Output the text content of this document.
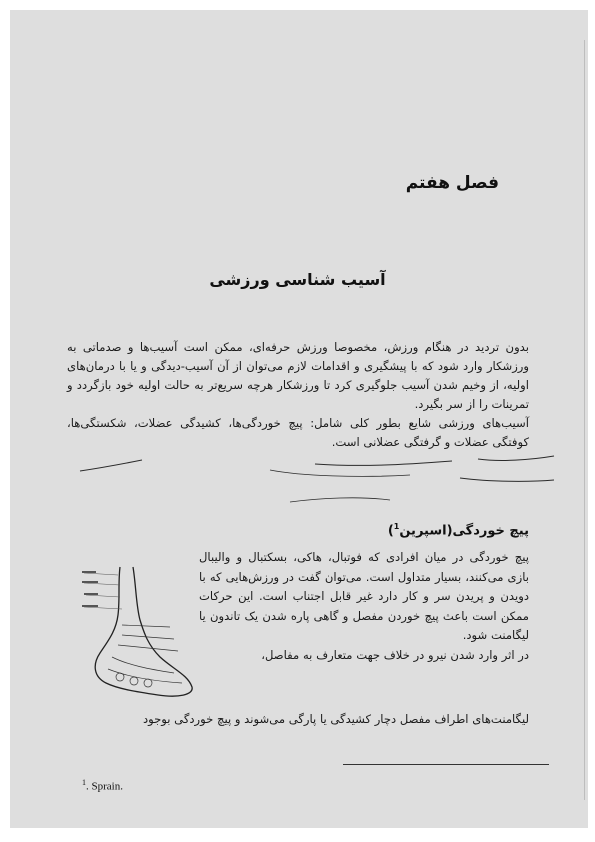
فصل هفتم
آسیب شناسی ورزشی

بدون تردید در هنگام ورزش، مخصوصا ورزش حرفه‌ای، ممکن است آسیب‌ها و صدماتی به ورزشکار وارد شود که با پیشگیری و اقدامات لازم می‌توان از آن آسیب-دیدگی و یا با درمان‌های اولیه، از وخیم شدن آسیب جلوگیری کرد تا ورزشکار هرچه سریع‌تر به حالت اولیه خود بازگردد و تمرینات را از سر بگیرد.

آسیب‌های ورزشی شایع بطور کلی شامل: پیچ خوردگی‌ها، کشیدگی عضلات، شکستگی‌ها، کوفتگی عضلات و گرفتگی عضلانی است.

پیچ خوردگی(اسپرین$^1$)

پیچ خوردگی در میان افرادی که فوتبال، هاکی، بسکتبال و والیبال بازی می‌کنند، بسیار متداول است. می‌توان گفت در ورزش‌هایی که با دویدن و پریدن سر و کار دارد غیر قابل اجتناب است. این حرکات ممکن است باعث پیچ خوردن مفصل و گاهی پاره شدن یک تاندون یا لیگامنت شود.

در اثر وارد شدن نیرو در خلاف جهت متعارف به مفاصل،

لیگامنت‌های اطراف مفصل دچار کشیدگی یا پارگی می‌شوند و پیچ خوردگی بوجود
$^1$. Sprain.
